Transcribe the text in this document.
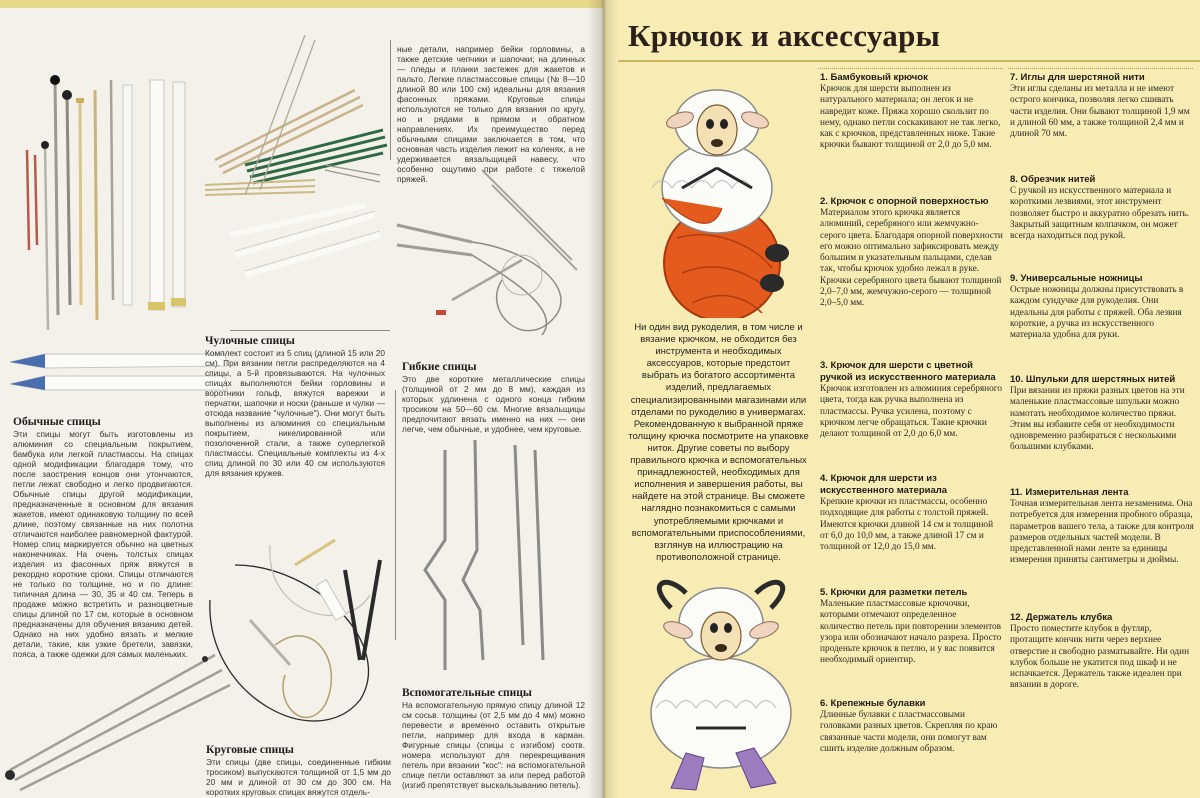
ные детали, например бейки горловины, а также детские чепчики и шапочки; на длинных — пледы и планки застежек для жакетов и пальто. Легкие пластмассовые спицы (№ 8—10 длиной 80 или 100 см) идеальны для вязания фасонных пряжами. Круговые спицы используются не только для вязания по кругу, но и рядами в прямом и обратном направлениях. Их преимущество перед обычными спицами заключается в том, что основная часть изделия лежит на коленях, а не удерживается вязальщицей навесу, что особенно ощутимо при работе с тяжелой пряжей.

Обычные спицы

Эти спицы могут быть изготовлены из алюминия со специальным покрытием, бамбука или легкой пластмассы. На спицах одной модификации благодаря тому, что после заострения концов они утончаются, петли лежат свободно и легко продвигаются. Обычные спицы другой модификации, предназначенные в основном для вязания жакетов, имеют одинаковую толщину по всей длине, поэтому связанные на них полотна отличаются наиболее равномерной фактурой. Номер спиц маркируется обычно на цветных наконечниках. На очень толстых спицах изделия из фасонных пряж вяжутся в рекордно короткие сроки. Спицы отличаются не только по толщине, но и по длине: типичная длина — 30, 35 и 40 см. Теперь в продаже можно встретить и разноцветные спицы длиной по 17 см, которые в основном предназначены для обучения вязанию детей. Однако на них удобно вязать и мелкие детали, такие, как узкие бретели, завязки, пояса, а также одежки для самых маленьких.

Чулочные спицы

Комплект состоит из 5 спиц (длиной 15 или 20 см). При вязании петли распределяются на 4 спицы, а 5-й провязываются. На чулочных спицах выполняются бейки горловины и воротники гольф, вяжутся варежки и перчатки, шапочки и носки (раньше и чулки — отсюда название "чулочные"). Они могут быть выполнены из алюминия со специальным покрытием, никелированной или позолоченной стали, а также суперлегкой пластмассы. Специальные комплекты из 4-х спиц длиной по 30 или 40 см используются для вязания кружев.

Гибкие спицы

Это две короткие металлические спицы (толщиной от 2 мм до 8 мм), каждая из которых удлинена с одного конца гибким тросиком на 50—60 см. Многие вязальщицы предпочитают вязать именно на них — они легче, чем обычные, и удобнее, чем круговые.

Круговые спицы

Эти спицы (две спицы, соединенные гибким тросиком) выпускаются толщиной от 1,5 мм до 20 мм и длиной от 30 см до 300 см. На коротких круговых спицах вяжутся отдель-

Вспомогательные спицы

На вспомогательную прямую спицу длиной 12 см сосьв. толщины (от 2,5 мм до 4 мм) можно перевести и временно оставить открытые петли, например для входа в карман. Фигурные спицы (спицы с изгибом) соотв. номера используют для перекрещивания петель при вязании "кос": на вспомогательной спице петли оставляют за или перед работой (изгиб препятствует выскальзыванию петель).

Крючок и аксессуары
Ни один вид рукоделия, в том числе и вязание крючком, не обходится без инструмента и необходимых аксессуаров, которые предстоит выбрать из богатого ассортимента изделий, предлагаемых специализированными магазинами или отделами по рукоделию в универмагах. Рекомендованную к выбранной пряже толщину крючка посмотрите на упаковке ниток. Другие советы по выбору правильного крючка и вспомогательных принадлежностей, необходимых для исполнения и завершения работы, вы найдете на этой странице. Вы сможете наглядно познакомиться с самыми употребляемыми крючками и вспомогательными приспособлениями, взглянув на иллюстрацию на противоположной странице.
1. Бамбуковый крючок
Крючок для шерсти выполнен из натурального материала; он легок и не навредит коже. Пряжа хорошо скользит по нему, однако петли соскакивают не так легко, как с крючков, представленных ниже. Такие крючки бывают толщиной от 2,0 до 5,0 мм.
2. Крючок с опорной поверхностью
Материалом этого крючка является алюминий, серебряного или жемчужно-серого цвета. Благодаря опорной поверхности его можно оптимально зафиксировать между большим и указательным пальцами, сделав так, чтобы крючок удобно лежал в руке. Крючки серебряного цвета бывают толщиной 2,0–7,0 мм, жемчужно-серого — толщиной 2,0–5,0 мм.
3. Крючок для шерсти с цветной ручкой из искусственного материала
Крючок изготовлен из алюминия серебряного цвета, тогда как ручка выполнена из пластмассы. Ручка усилена, поэтому с крючком легче обращаться. Такие крючки делают толщиной от 2,0 до 6,0 мм.
4. Крючок для шерсти из искусственного материала
Крепкие крючки из пластмассы, особенно подходящие для работы с толстой пряжей. Имеются крючки длиной 14 см и толщиной от 6,0 до 10,0 мм, а также длиной 17 см и толщиной от 12,0 до 15,0 мм.
5. Крючки для разметки петель
Маленькие пластмассовые крючочки, которыми отмечают определенное количество петель при повторении элементов узора или обозначают начало разреза. Просто проденьте крючок в петлю, и у вас появится необходимый ориентир.
6. Крепежные булавки
Длинные булавки с пластмассовыми головками разных цветов. Скрепляя по краю связанные части модели, они помогут вам сшить изделие должным образом.
7. Иглы для шерстяной нити
Эти иглы сделаны из металла и не имеют острого кончика, позволяя легко сшивать части изделия. Они бывают толщиной 1,9 мм и длиной 60 мм, а также толщиной 2,4 мм и длиной 70 мм.
8. Обрезчик нитей
С ручкой из искусственного материала и короткими лезвиями, этот инструмент позволяет быстро и аккуратно обрезать нить. Закрытый защитным колпачком, он может всегда находиться под рукой.
9. Универсальные ножницы
Острые ножницы должны присутствовать в каждом сундучке для рукоделия. Они идеальны для работы с пряжей. Оба лезвия короткие, а ручка из искусственного материала удобна для руки.
10. Шпульки для шерстяных нитей
При вязании из пряжи разных цветов на эти маленькие пластмассовые шпульки можно намотать необходимое количество пряжи. Этим вы избавите себя от необходимости одновременно разбираться с несколькими большими клубками.
11. Измерительная лента
Точная измерительная лента незаменима. Она потребуется для измерения пробного образца, параметров вашего тела, а также для контроля размеров отдельных частей модели. В представленной нами ленте за единицы измерения приняты сантиметры и дюймы.
12. Держатель клубка
Просто поместите клубок в футляр, протащите кончик нити через верхнее отверстие и свободно разматывайте. Ни один клубок больше не укатится под шкаф и не испачкается. Держатель также идеален при вязании в дороге.
